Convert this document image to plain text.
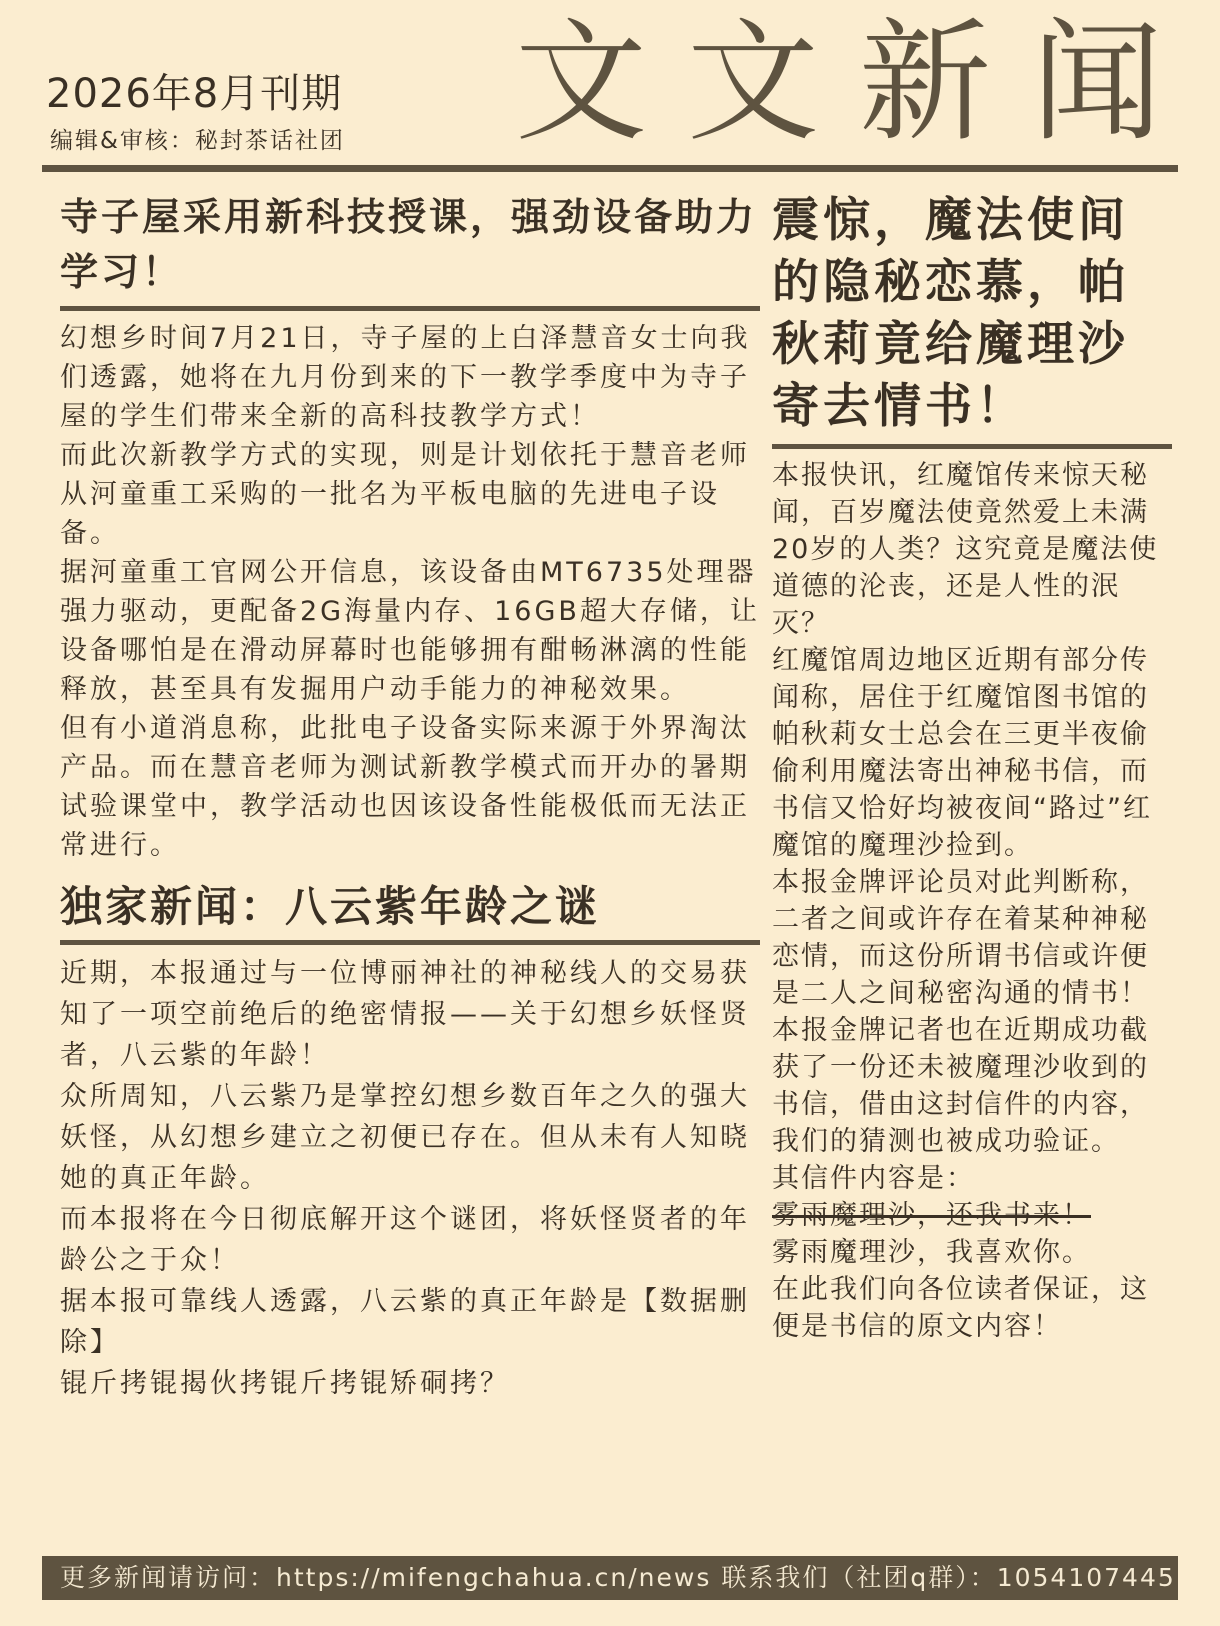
2026年8月刊期
编辑&审核：秘封茶话社团 文文新闻
寺子屋采用新科技授课，强劲设备助力学习！

幻想乡时间7月21日，寺子屋的上白泽慧音女士向我们透露，她将在九月份到来的下一教学季度中为寺子屋的学生们带来全新的高科技教学方式！

而此次新教学方式的实现，则是计划依托于慧音老师从河童重工采购的一批名为平板电脑的先进电子设备。

据河童重工官网公开信息，该设备由MT6735处理器强力驱动，更配备2G海量内存、16GB超大存储，让设备哪怕是在滑动屏幕时也能够拥有酣畅淋漓的性能释放，甚至具有发掘用户动手能力的神秘效果。

但有小道消息称，此批电子设备实际来源于外界淘汰产品。而在慧音老师为测试新教学模式而开办的暑期试验课堂中，教学活动也因该设备性能极低而无法正常进行。

独家新闻：八云紫年龄之谜

近期，本报通过与一位博丽神社的神秘线人的交易获知了一项空前绝后的绝密情报——关于幻想乡妖怪贤者，八云紫的年龄！

众所周知，八云紫乃是掌控幻想乡数百年之久的强大妖怪，从幻想乡建立之初便已存在。但从未有人知晓她的真正年龄。

而本报将在今日彻底解开这个谜团，将妖怪贤者的年龄公之于众！

据本报可靠线人透露，八云紫的真正年龄是【数据删除】

锟斤拷锟揭伙拷锟斤拷锟矫硐拷？

震惊，魔法使间的隐秘恋慕，帕秋莉竟给魔理沙寄去情书！

本报快讯，红魔馆传来惊天秘闻，百岁魔法使竟然爱上未满20岁的人类？这究竟是魔法使道德的沦丧，还是人性的泯灭？

红魔馆周边地区近期有部分传闻称，居住于红魔馆图书馆的帕秋莉女士总会在三更半夜偷偷利用魔法寄出神秘书信，而书信又恰好均被夜间“路过”红魔馆的魔理沙捡到。

本报金牌评论员对此判断称，二者之间或许存在着某种神秘恋情，而这份所谓书信或许便是二人之间秘密沟通的情书！

本报金牌记者也在近期成功截获了一份还未被魔理沙收到的书信，借由这封信件的内容，我们的猜测也被成功验证。

其信件内容是：

雾雨魔理沙，还我书来！

雾雨魔理沙，我喜欢你。

在此我们向各位读者保证，这便是书信的原文内容！

更多新闻请访问：https://mifengchahua.cn/news 联系我们（社团q群）：1054107445
